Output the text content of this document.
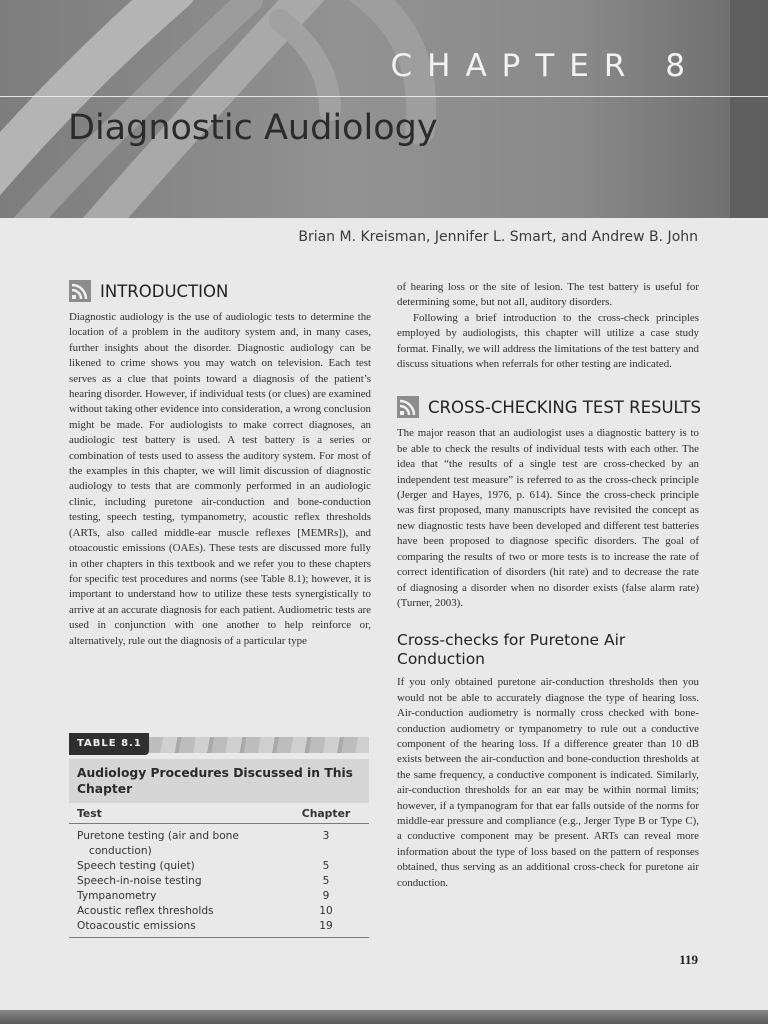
CHAPTER 8
Diagnostic Audiology
Brian M. Kreisman, Jennifer L. Smart, and Andrew B. John
INTRODUCTION

Diagnostic audiology is the use of audiologic tests to determine the location of a problem in the auditory system and, in many cases, further insights about the disorder. Diagnostic audiology can be likened to crime shows you may watch on television. Each test serves as a clue that points toward a diagnosis of the patient’s hearing disorder. However, if individual tests (or clues) are examined without taking other evidence into consideration, a wrong conclusion might be made. For audiologists to make correct diagnoses, an audiologic test battery is used. A test battery is a series or combination of tests used to assess the auditory system. For most of the examples in this chapter, we will limit discussion of diagnostic audiology to tests that are commonly performed in an audiologic clinic, including puretone air-conduction and bone-conduction testing, speech testing, tympanometry, acoustic reflex thresholds (ARTs, also called middle-ear muscle reflexes [MEMRs]), and otoacoustic emissions (OAEs). These tests are discussed more fully in other chapters in this textbook and we refer you to these chapters for specific test procedures and norms (see Table 8.1); however, it is important to understand how to utilize these tests synergistically to arrive at an accurate diagnosis for each patient. Audiometric tests are used in conjunction with one another to help reinforce or, alternatively, rule out the diagnosis of a particular type

TABLE 8.1

Audiology Procedures Discussed in This Chapter

Test	Chapter

Puretone testing (air and bone conduction)	3
Speech testing (quiet)	5
Speech-in-noise testing	5
Tympanometry	9
Acoustic reflex thresholds	10
Otoacoustic emissions	19

of hearing loss or the site of lesion. The test battery is useful for determining some, but not all, auditory disorders.

Following a brief introduction to the cross-check principles employed by audiologists, this chapter will utilize a case study format. Finally, we will address the limitations of the test battery and discuss situations when referrals for other testing are indicated.

CROSS-CHECKING TEST RESULTS

The major reason that an audiologist uses a diagnostic battery is to be able to check the results of individual tests with each other. The idea that “the results of a single test are cross-checked by an independent test measure” is referred to as the cross-check principle (Jerger and Hayes, 1976, p. 614). Since the cross-check principle was first proposed, many manuscripts have revisited the concept as new diagnostic tests have been developed and different test batteries have been proposed to diagnose specific disorders. The goal of comparing the results of two or more tests is to increase the rate of correct identification of disorders (hit rate) and to decrease the rate of diagnosing a disorder when no disorder exists (false alarm rate) (Turner, 2003).

Cross-checks for Puretone Air Conduction

If you only obtained puretone air-conduction thresholds then you would not be able to accurately diagnose the type of hearing loss. Air-conduction audiometry is normally cross checked with bone-conduction audiometry or tympanometry to rule out a conductive component of the hearing loss. If a difference greater than 10 dB exists between the air-conduction and bone-conduction thresholds at the same frequency, a conductive component is indicated. Similarly, air-conduction thresholds for an ear may be within normal limits; however, if a tympanogram for that ear falls outside of the norms for middle-ear pressure and compliance (e.g., Jerger Type B or Type C), a conductive component may be present. ARTs can reveal more information about the type of loss based on the pattern of responses obtained, thus serving as an additional cross-check for puretone air conduction.

119
